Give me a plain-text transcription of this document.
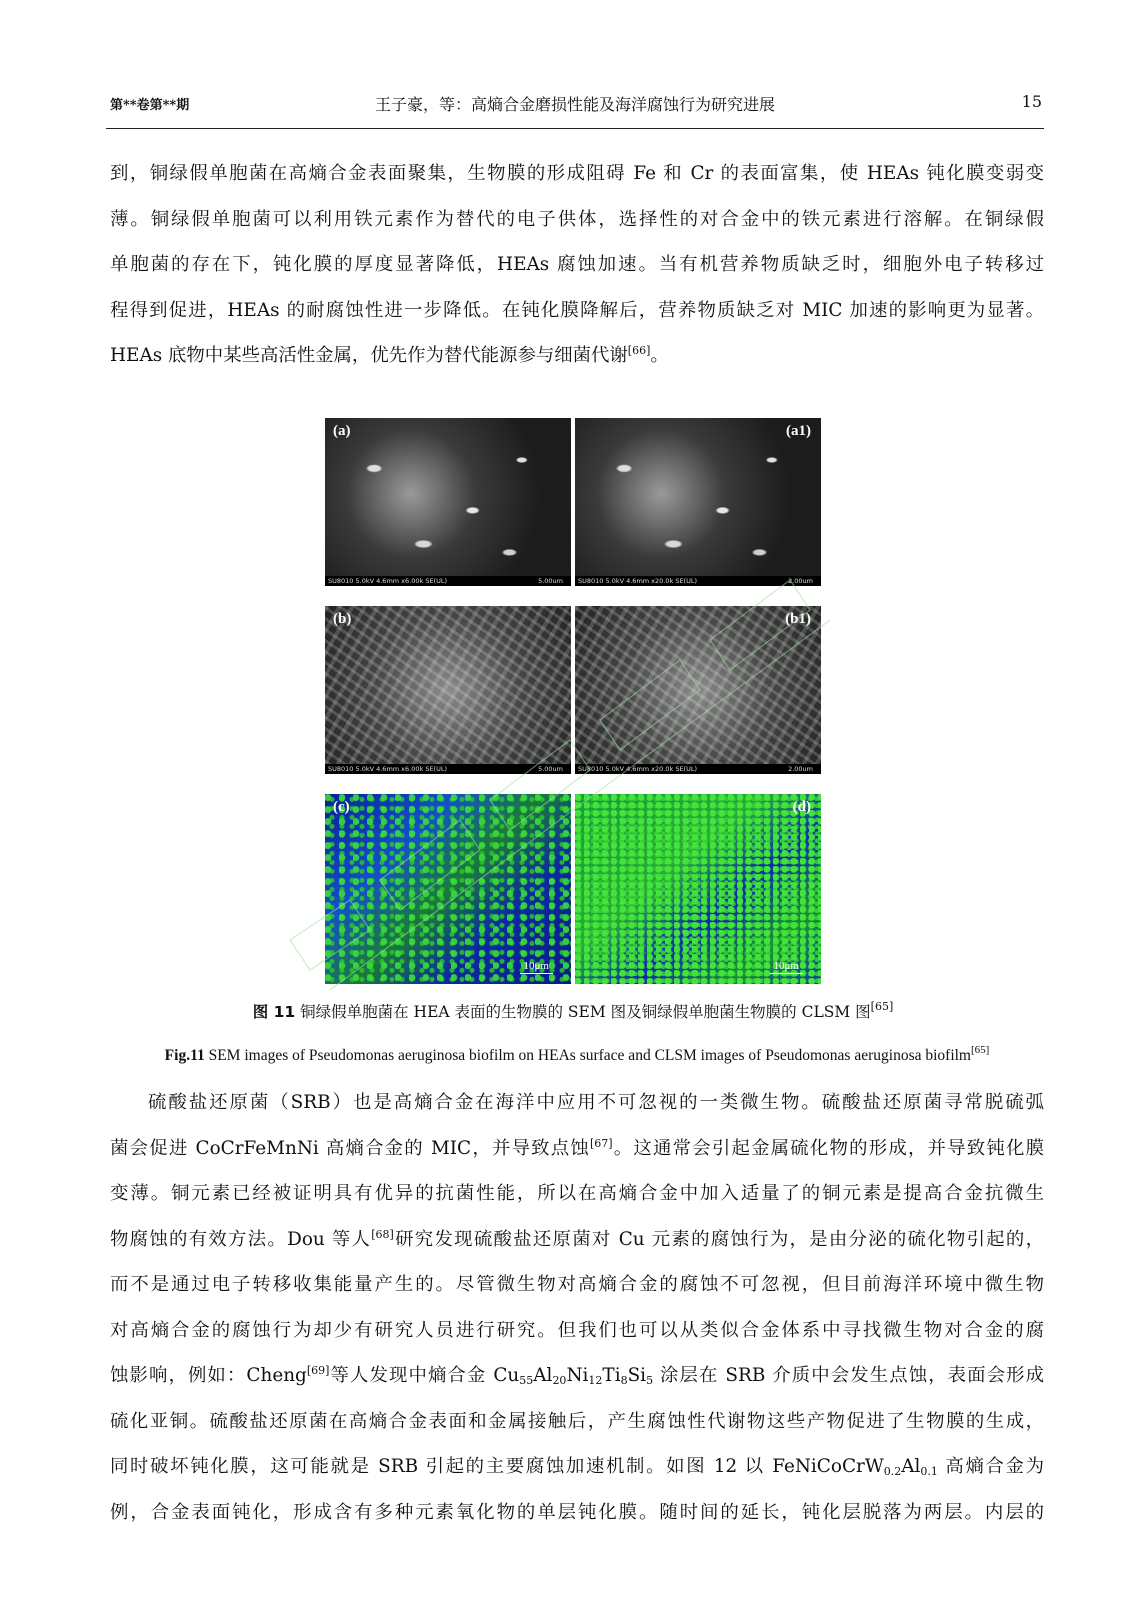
第**卷第**期	王子豪，等：高熵合金磨损性能及海洋腐蚀行为研究进展	15
到，铜绿假单胞菌在高熵合金表面聚集，生物膜的形成阻碍 Fe 和 Cr 的表面富集，使 HEAs 钝化膜变弱变
薄。铜绿假单胞菌可以利用铁元素作为替代的电子供体，选择性的对合金中的铁元素进行溶解。在铜绿假
单胞菌的存在下，钝化膜的厚度显著降低，HEAs 腐蚀加速。当有机营养物质缺乏时，细胞外电子转移过
程得到促进，HEAs 的耐腐蚀性进一步降低。在钝化膜降解后，营养物质缺乏对 MIC 加速的影响更为显著。
HEAs 底物中某些高活性金属，优先作为替代能源参与细菌代谢[66]。
(a)
SU8010 5.0kV 4.6mm x6.00k SE(UL)	5.00um
(a1)
SU8010 5.0kV 4.6mm x20.0k SE(UL)	2.00um
(b)
SU8010 5.0kV 4.6mm x6.00k SE(UL)	5.00um
(b1)
SU8010 5.0kV 4.6mm x20.0k SE(UL)	2.00um
(c)
10μm
(d)
10μm
图 11 铜绿假单胞菌在 HEA 表面的生物膜的 SEM 图及铜绿假单胞菌生物膜的 CLSM 图[65]
Fig.11 SEM images of Pseudomonas aeruginosa biofilm on HEAs surface and CLSM images of Pseudomonas aeruginosa biofilm[65]
硫酸盐还原菌（SRB）也是高熵合金在海洋中应用不可忽视的一类微生物。硫酸盐还原菌寻常脱硫弧
菌会促进 CoCrFeMnNi 高熵合金的 MIC，并导致点蚀[67]。这通常会引起金属硫化物的形成，并导致钝化膜
变薄。铜元素已经被证明具有优异的抗菌性能，所以在高熵合金中加入适量了的铜元素是提高合金抗微生
物腐蚀的有效方法。Dou 等人[68]研究发现硫酸盐还原菌对 Cu 元素的腐蚀行为，是由分泌的硫化物引起的，
而不是通过电子转移收集能量产生的。尽管微生物对高熵合金的腐蚀不可忽视，但目前海洋环境中微生物
对高熵合金的腐蚀行为却少有研究人员进行研究。但我们也可以从类似合金体系中寻找微生物对合金的腐
蚀影响，例如：Cheng[69]等人发现中熵合金 $Cu_{55}Al_{20}Ni_{12}Ti_8Si_5$ 涂层在 SRB 介质中会发生点蚀，表面会形成
硫化亚铜。硫酸盐还原菌在高熵合金表面和金属接触后，产生腐蚀性代谢物这些产物促进了生物膜的生成，
同时破坏钝化膜，这可能就是 SRB 引起的主要腐蚀加速机制。如图 12 以 $FeNiCoCrW_{0.2}Al_{0.1}$ 高熵合金为
例，合金表面钝化，形成含有多种元素氧化物的单层钝化膜。随时间的延长，钝化层脱落为两层。内层的
